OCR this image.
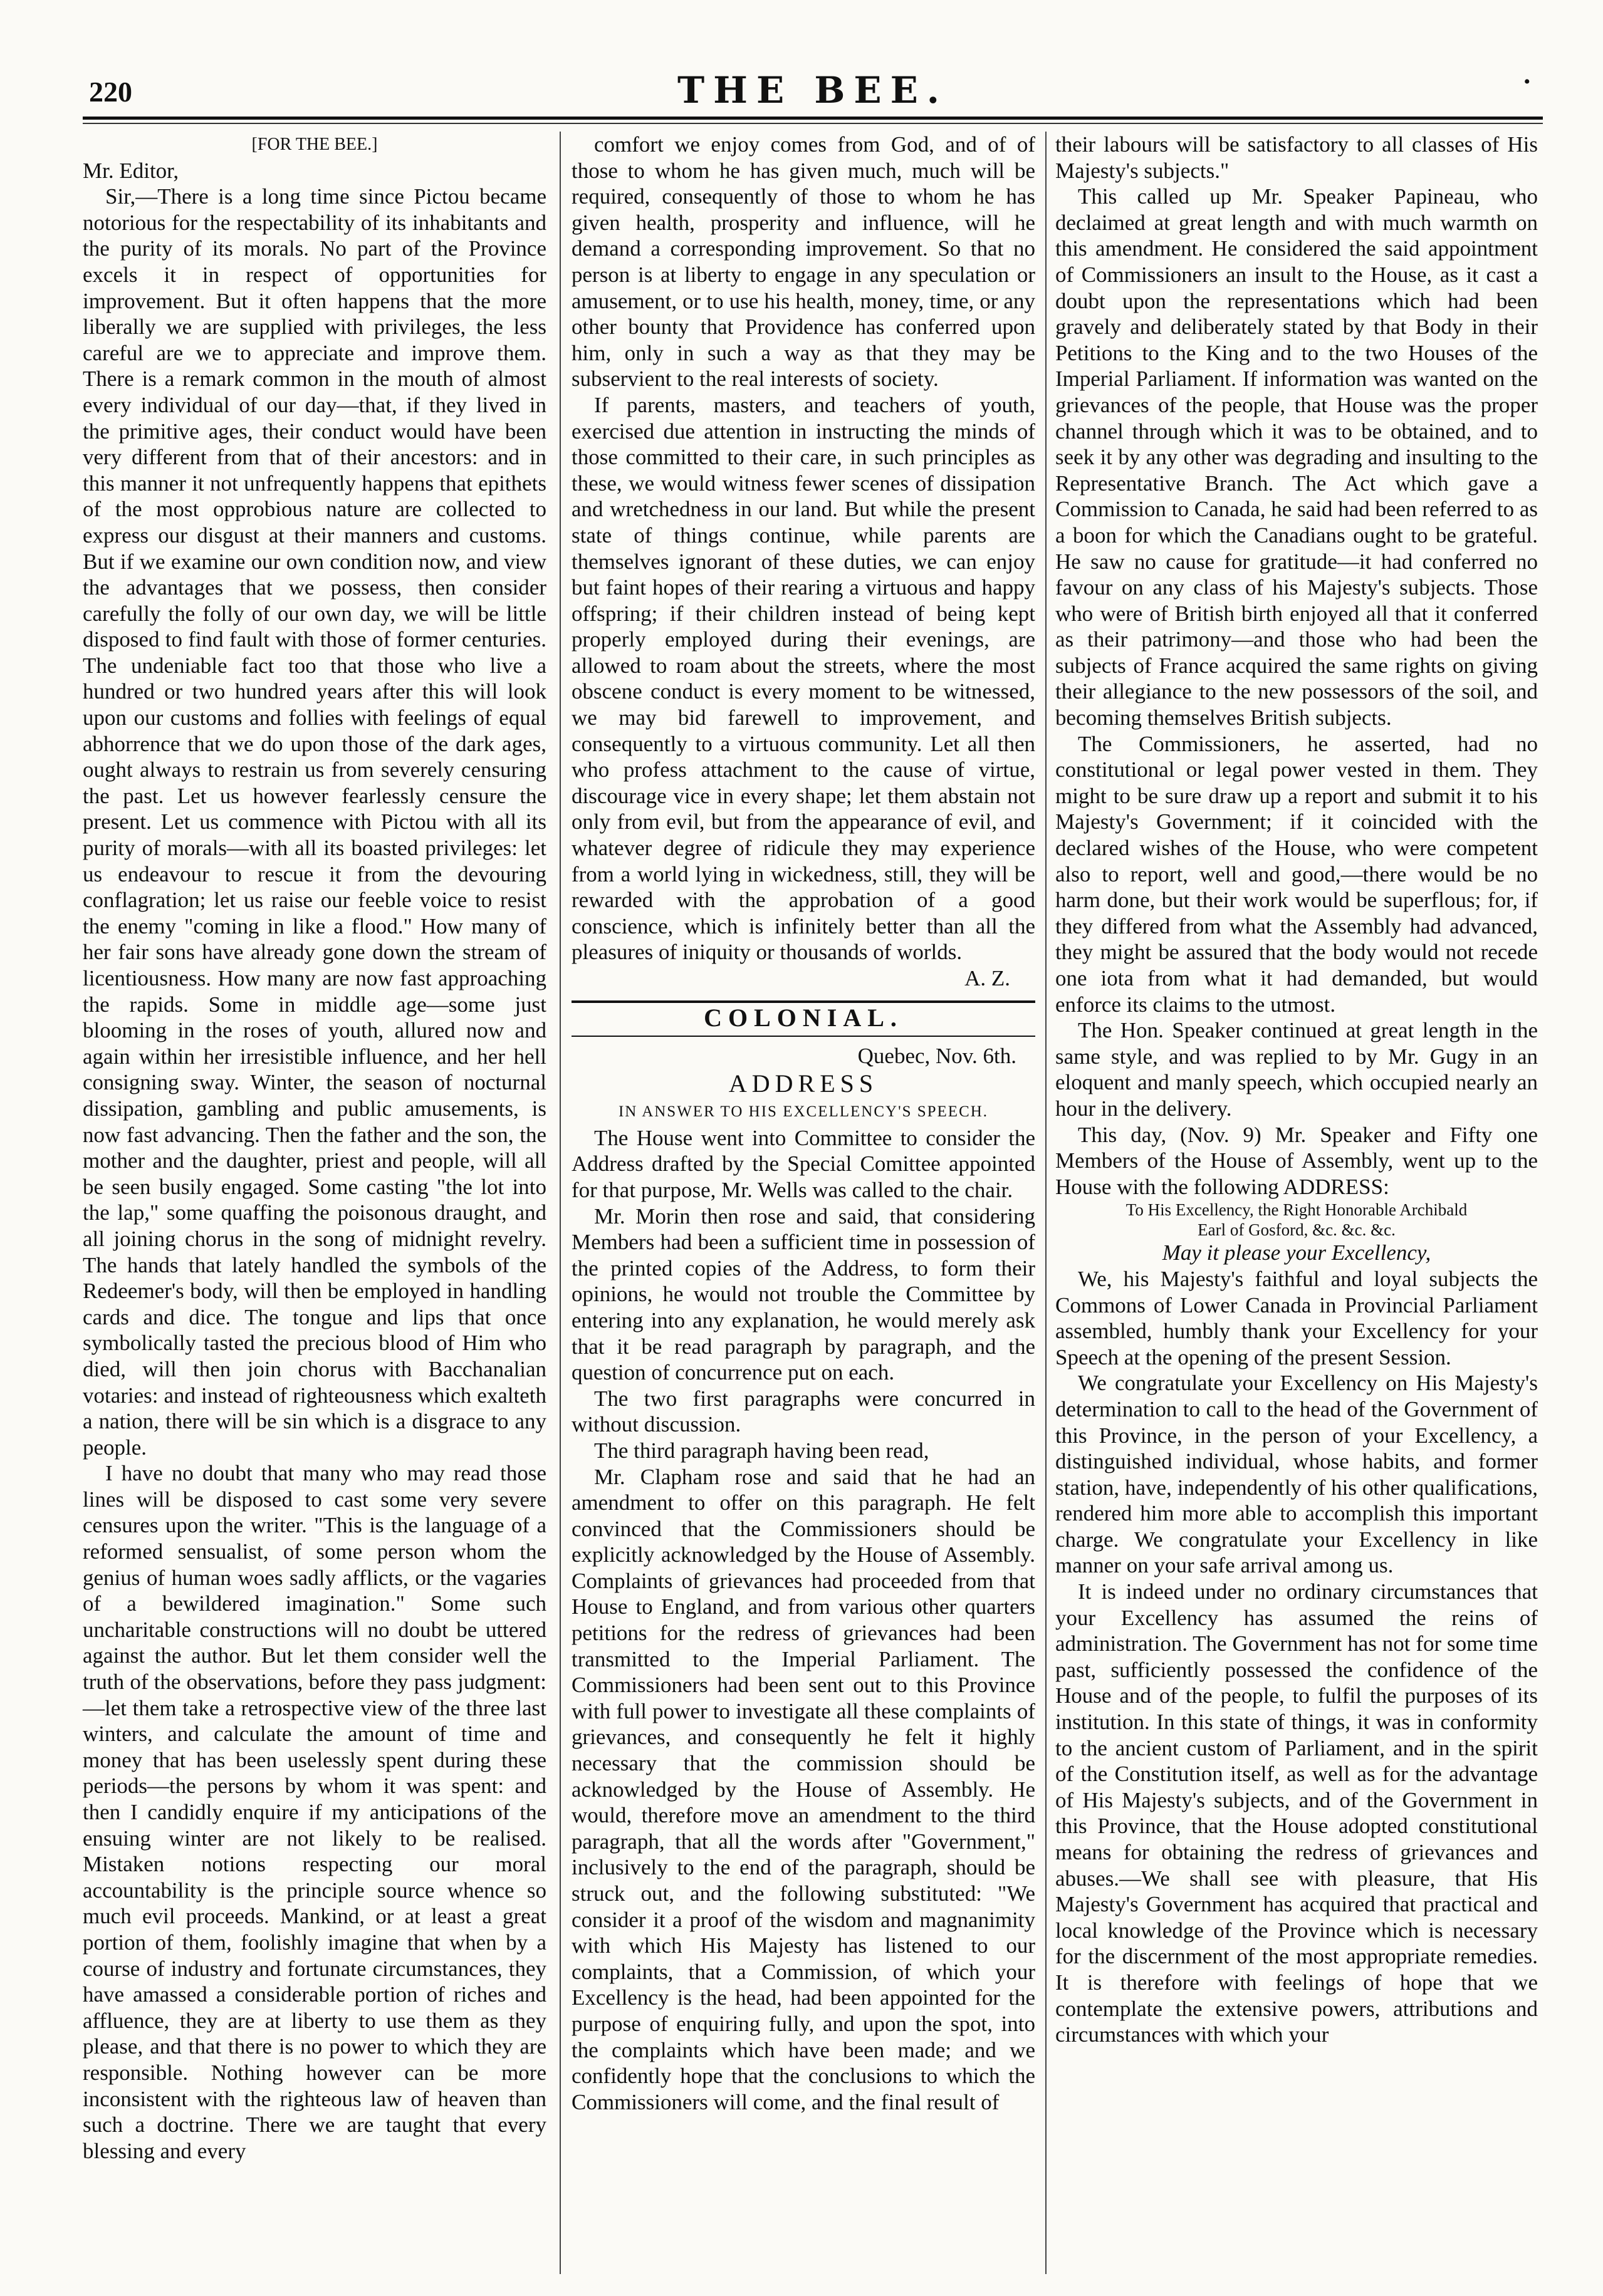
220	THE BEE.	•

[FOR THE BEE.]

Mr. Editor,

Sir,—There is a long time since Pictou became notorious for the respectability of its inhabitants and the purity of its morals. No part of the Province excels it in respect of opportunities for improvement. But it often happens that the more liberally we are supplied with privileges, the less careful are we to appreciate and improve them. There is a remark common in the mouth of almost every individual of our day—that, if they lived in the primitive ages, their conduct would have been very different from that of their ancestors: and in this manner it not unfrequently happens that epithets of the most opprobious nature are collected to express our disgust at their manners and customs. But if we examine our own condition now, and view the advantages that we possess, then consider carefully the folly of our own day, we will be little disposed to find fault with those of former centuries. The undeniable fact too that those who live a hundred or two hundred years after this will look upon our customs and follies with feelings of equal abhorrence that we do upon those of the dark ages, ought always to restrain us from severely censuring the past. Let us however fearlessly censure the present. Let us commence with Pictou with all its purity of morals—with all its boasted privileges: let us endeavour to rescue it from the devouring conflagration; let us raise our feeble voice to resist the enemy "coming in like a flood." How many of her fair sons have already gone down the stream of licentiousness. How many are now fast approaching the rapids. Some in middle age—some just blooming in the roses of youth, allured now and again within her irresistible influence, and her hell consigning sway. Winter, the season of nocturnal dissipation, gambling and public amusements, is now fast advancing. Then the father and the son, the mother and the daughter, priest and people, will all be seen busily engaged. Some casting "the lot into the lap," some quaffing the poisonous draught, and all joining chorus in the song of midnight revelry. The hands that lately handled the symbols of the Redeemer's body, will then be employed in handling cards and dice. The tongue and lips that once symbolically tasted the precious blood of Him who died, will then join chorus with Bacchanalian votaries: and instead of righteousness which exalteth a nation, there will be sin which is a disgrace to any people.

I have no doubt that many who may read those lines will be disposed to cast some very severe censures upon the writer. "This is the language of a reformed sensualist, of some person whom the genius of human woes sadly afflicts, or the vagaries of a bewildered imagination." Some such uncharitable constructions will no doubt be uttered against the author. But let them consider well the truth of the observations, before they pass judgment: —let them take a retrospective view of the three last winters, and calculate the amount of time and money that has been uselessly spent during these periods—the persons by whom it was spent: and then I candidly enquire if my anticipations of the ensuing winter are not likely to be realised. Mistaken notions respecting our moral accountability is the principle source whence so much evil proceeds. Mankind, or at least a great portion of them, foolishly imagine that when by a course of industry and fortunate circumstances, they have amassed a considerable portion of riches and affluence, they are at liberty to use them as they please, and that there is no power to which they are responsible. Nothing however can be more inconsistent with the righteous law of heaven than such a doctrine. There we are taught that every blessing and every

comfort we enjoy comes from God, and of of those to whom he has given much, much will be required, consequently of those to whom he has given health, prosperity and influence, will he demand a corresponding improvement. So that no person is at liberty to engage in any speculation or amusement, or to use his health, money, time, or any other bounty that Providence has conferred upon him, only in such a way as that they may be subservient to the real interests of society.

If parents, masters, and teachers of youth, exercised due attention in instructing the minds of those committed to their care, in such principles as these, we would witness fewer scenes of dissipation and wretchedness in our land. But while the present state of things continue, while parents are themselves ignorant of these duties, we can enjoy but faint hopes of their rearing a virtuous and happy offspring; if their children instead of being kept properly employed during their evenings, are allowed to roam about the streets, where the most obscene conduct is every moment to be witnessed, we may bid farewell to improvement, and consequently to a virtuous community. Let all then who profess attachment to the cause of virtue, discourage vice in every shape; let them abstain not only from evil, but from the appearance of evil, and whatever degree of ridicule they may experience from a world lying in wickedness, still, they will be rewarded with the approbation of a good conscience, which is infinitely better than all the pleasures of iniquity or thousands of worlds.

A. Z.

COLONIAL.

Quebec, Nov. 6th.

ADDRESS

IN ANSWER TO HIS EXCELLENCY'S SPEECH.

The House went into Committee to consider the Address drafted by the Special Comittee appointed for that purpose, Mr. Wells was called to the chair.

Mr. Morin then rose and said, that considering Members had been a sufficient time in possession of the printed copies of the Address, to form their opinions, he would not trouble the Committee by entering into any explanation, he would merely ask that it be read paragraph by paragraph, and the question of concurrence put on each.

The two first paragraphs were concurred in without discussion.

The third paragraph having been read,

Mr. Clapham rose and said that he had an amendment to offer on this paragraph. He felt convinced that the Commissioners should be explicitly acknowledged by the House of Assembly. Complaints of grievances had proceeded from that House to England, and from various other quarters petitions for the redress of grievances had been transmitted to the Imperial Parliament. The Commissioners had been sent out to this Province with full power to investigate all these complaints of grievances, and consequently he felt it highly necessary that the commission should be acknowledged by the House of Assembly. He would, therefore move an amendment to the third paragraph, that all the words after "Government," inclusively to the end of the paragraph, should be struck out, and the following substituted: "We consider it a proof of the wisdom and magnanimity with which His Majesty has listened to our complaints, that a Commission, of which your Excellency is the head, had been appointed for the purpose of enquiring fully, and upon the spot, into the complaints which have been made; and we confidently hope that the conclusions to which the Commissioners will come, and the final result of

their labours will be satisfactory to all classes of His Majesty's subjects."

This called up Mr. Speaker Papineau, who declaimed at great length and with much warmth on this amendment. He considered the said appointment of Commissioners an insult to the House, as it cast a doubt upon the representations which had been gravely and deliberately stated by that Body in their Petitions to the King and to the two Houses of the Imperial Parliament. If information was wanted on the grievances of the people, that House was the proper channel through which it was to be obtained, and to seek it by any other was degrading and insulting to the Representative Branch. The Act which gave a Commission to Canada, he said had been referred to as a boon for which the Canadians ought to be grateful. He saw no cause for gratitude—it had conferred no favour on any class of his Majesty's subjects. Those who were of British birth enjoyed all that it conferred as their patrimony—and those who had been the subjects of France acquired the same rights on giving their allegiance to the new possessors of the soil, and becoming themselves British subjects.

The Commissioners, he asserted, had no constitutional or legal power vested in them. They might to be sure draw up a report and submit it to his Majesty's Government; if it coincided with the declared wishes of the House, who were competent also to report, well and good,—there would be no harm done, but their work would be superflous; for, if they differed from what the Assembly had advanced, they might be assured that the body would not recede one iota from what it had demanded, but would enforce its claims to the utmost.

The Hon. Speaker continued at great length in the same style, and was replied to by Mr. Gugy in an eloquent and manly speech, which occupied nearly an hour in the delivery.

This day, (Nov. 9) Mr. Speaker and Fifty one Members of the House of Assembly, went up to the House with the following ADDRESS:

To His Excellency, the Right Honorable Archibald

Earl of Gosford, &c. &c. &c.

May it please your Excellency,

We, his Majesty's faithful and loyal subjects the Commons of Lower Canada in Provincial Parliament assembled, humbly thank your Excellency for your Speech at the opening of the present Session.

We congratulate your Excellency on His Majesty's determination to call to the head of the Government of this Province, in the person of your Excellency, a distinguished individual, whose habits, and former station, have, independently of his other qualifications, rendered him more able to accomplish this important charge. We congratulate your Excellency in like manner on your safe arrival among us.

It is indeed under no ordinary circumstances that your Excellency has assumed the reins of administration. The Government has not for some time past, sufficiently possessed the confidence of the House and of the people, to fulfil the purposes of its institution. In this state of things, it was in conformity to the ancient custom of Parliament, and in the spirit of the Constitution itself, as well as for the advantage of His Majesty's subjects, and of the Government in this Province, that the House adopted constitutional means for obtaining the redress of grievances and abuses.—We shall see with pleasure, that His Majesty's Government has acquired that practical and local knowledge of the Province which is necessary for the discernment of the most appropriate remedies. It is therefore with feelings of hope that we contemplate the extensive powers, attributions and circumstances with which your
